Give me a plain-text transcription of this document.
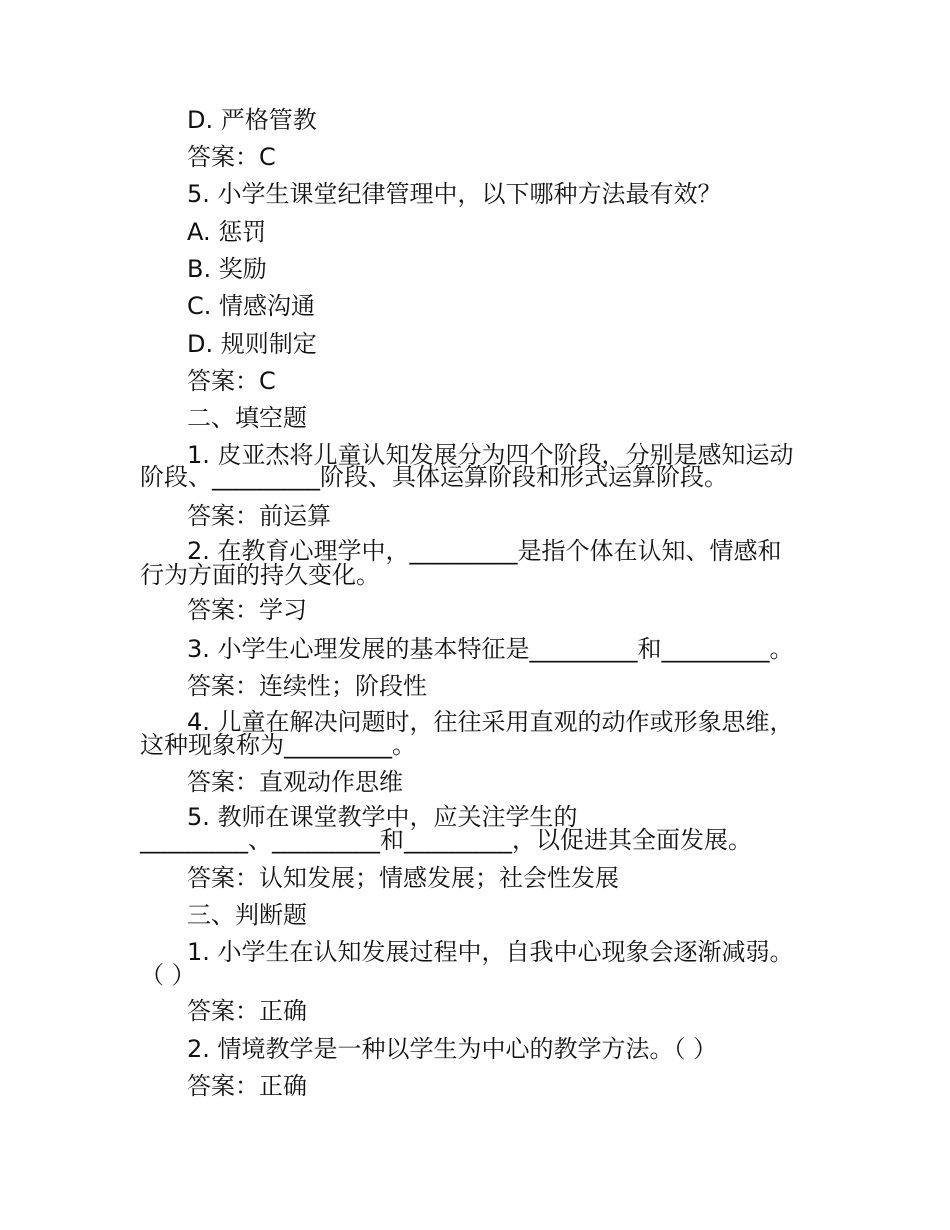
D. 严格管教
答案：C
5. 小学生课堂纪律管理中，以下哪种方法最有效？
A. 惩罚
B. 奖励
C. 情感沟通
D. 规则制定
答案：C
二、填空题
1. 皮亚杰将儿童认知发展分为四个阶段，分别是感知运动
阶段、_________阶段、具体运算阶段和形式运算阶段。
答案：前运算
2. 在教育心理学中，_________是指个体在认知、情感和
行为方面的持久变化。
答案：学习
3. 小学生心理发展的基本特征是_________和_________。
答案：连续性；阶段性
4. 儿童在解决问题时，往往采用直观的动作或形象思维，
这种现象称为_________。
答案：直观动作思维
5. 教师在课堂教学中，应关注学生的
_________、_________和_________，以促进其全面发展。
答案：认知发展；情感发展；社会性发展
三、判断题
1. 小学生在认知发展过程中，自我中心现象会逐渐减弱。
（ ）
答案：正确
2. 情境教学是一种以学生为中心的教学方法。（ ）
答案：正确
